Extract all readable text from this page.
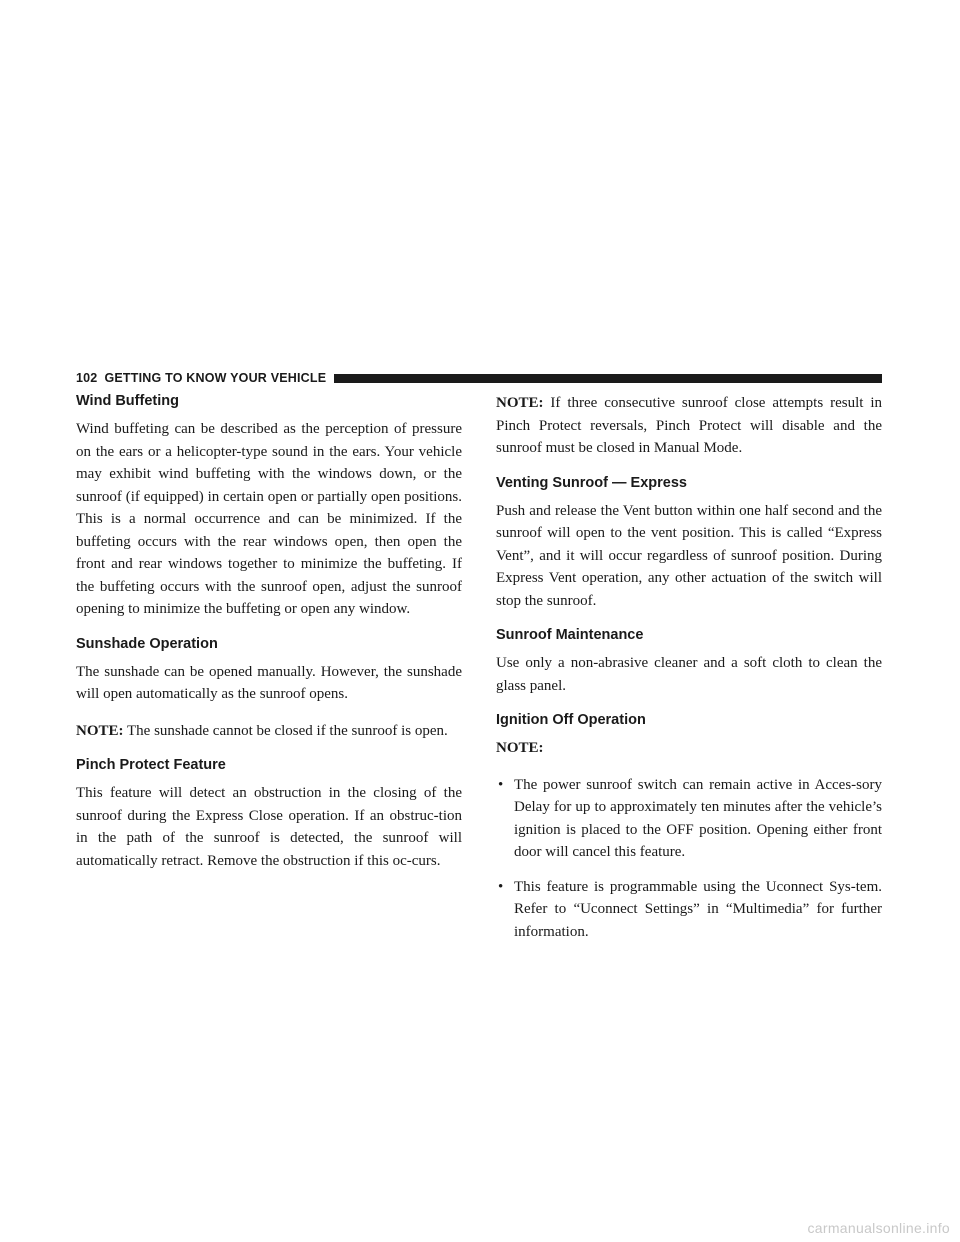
102 GETTING TO KNOW YOUR VEHICLE
Wind Buffeting

Wind buffeting can be described as the perception of pressure on the ears or a helicopter-type sound in the ears. Your vehicle may exhibit wind buffeting with the windows down, or the sunroof (if equipped) in certain open or partially open positions. This is a normal occurrence and can be minimized. If the buffeting occurs with the rear windows open, then open the front and rear windows together to minimize the buffeting. If the buffeting occurs with the sunroof open, adjust the sunroof opening to minimize the buffeting or open any window.

Sunshade Operation

The sunshade can be opened manually. However, the sunshade will open automatically as the sunroof opens.

NOTE: The sunshade cannot be closed if the sunroof is open.

Pinch Protect Feature

This feature will detect an obstruction in the closing of the sunroof during the Express Close operation. If an obstruc-tion in the path of the sunroof is detected, the sunroof will automatically retract. Remove the obstruction if this oc-curs.

NOTE: If three consecutive sunroof close attempts result in Pinch Protect reversals, Pinch Protect will disable and the sunroof must be closed in Manual Mode.

Venting Sunroof — Express

Push and release the Vent button within one half second and the sunroof will open to the vent position. This is called “Express Vent”, and it will occur regardless of sunroof position. During Express Vent operation, any other actuation of the switch will stop the sunroof.

Sunroof Maintenance

Use only a non-abrasive cleaner and a soft cloth to clean the glass panel.

Ignition Off Operation

NOTE:

• The power sunroof switch can remain active in Acces-sory Delay for up to approximately ten minutes after the vehicle’s ignition is placed to the OFF position. Opening either front door will cancel this feature.
• This feature is programmable using the Uconnect Sys-tem. Refer to “Uconnect Settings” in “Multimedia” for further information.
carmanualsonline.info
